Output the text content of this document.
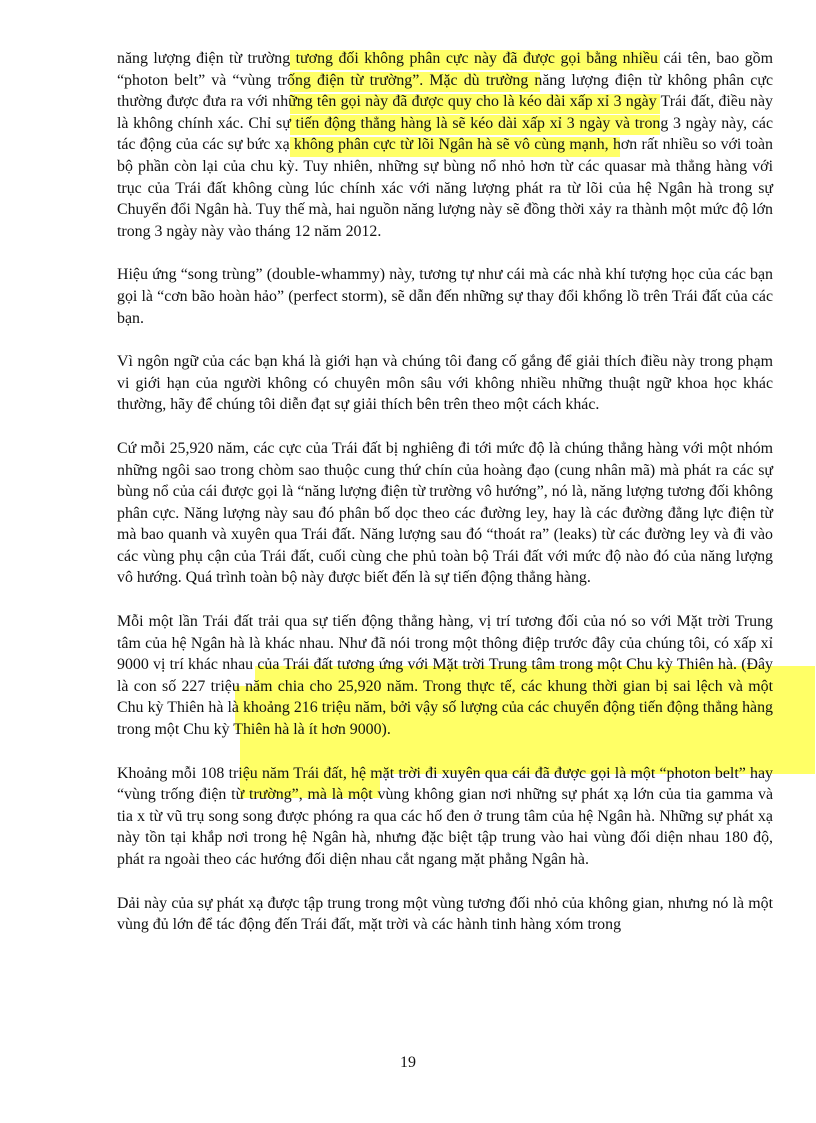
năng lượng điện từ trường tương đối không phân cực này đã được gọi bằng nhiều cái tên, bao gồm “photon belt” và “vùng trống điện từ trường”. Mặc dù trường năng lượng điện từ không phân cực thường được đưa ra với những tên gọi này đã được quy cho là kéo dài xấp xỉ 3 ngày Trái đất, điều này là không chính xác. Chỉ sự tiến động thẳng hàng là sẽ kéo dài xấp xỉ 3 ngày và trong 3 ngày này, các tác động của các sự bức xạ không phân cực từ lõi Ngân hà sẽ vô cùng mạnh, hơn rất nhiều so với toàn bộ phần còn lại của chu kỳ. Tuy nhiên, những sự bùng nổ nhỏ hơn từ các quasar mà thẳng hàng với trục của Trái đất không cùng lúc chính xác với năng lượng phát ra từ lõi của hệ Ngân hà trong sự Chuyển đổi Ngân hà. Tuy thế mà, hai nguồn năng lượng này sẽ đồng thời xảy ra thành một mức độ lớn trong 3 ngày này vào tháng 12 năm 2012.

Hiệu ứng “song trùng” (double-whammy) này, tương tự như cái mà các nhà khí tượng học của các bạn gọi là “cơn bão hoàn hảo” (perfect storm), sẽ dẫn đến những sự thay đổi khổng lồ trên Trái đất của các bạn.

Vì ngôn ngữ của các bạn khá là giới hạn và chúng tôi đang cố gắng để giải thích điều này trong phạm vi giới hạn của người không có chuyên môn sâu với không nhiều những thuật ngữ khoa học khác thường, hãy để chúng tôi diễn đạt sự giải thích bên trên theo một cách khác.

Cứ mỗi 25,920 năm, các cực của Trái đất bị nghiêng đi tới mức độ là chúng thẳng hàng với một nhóm những ngôi sao trong chòm sao thuộc cung thứ chín của hoàng đạo (cung nhân mã) mà phát ra các sự bùng nổ của cái được gọi là “năng lượng điện từ trường vô hướng”, nó là, năng lượng tương đối không phân cực. Năng lượng này sau đó phân bố dọc theo các đường ley, hay là các đường đẳng lực điện từ mà bao quanh và xuyên qua Trái đất. Năng lượng sau đó “thoát ra” (leaks) từ các đường ley và đi vào các vùng phụ cận của Trái đất, cuối cùng che phủ toàn bộ Trái đất với mức độ nào đó của năng lượng vô hướng. Quá trình toàn bộ này được biết đến là sự tiến động thẳng hàng.

Mỗi một lần Trái đất trải qua sự tiến động thẳng hàng, vị trí tương đối của nó so với Mặt trời Trung tâm của hệ Ngân hà là khác nhau. Như đã nói trong một thông điệp trước đây của chúng tôi, có xấp xỉ 9000 vị trí khác nhau của Trái đất tương ứng với Mặt trời Trung tâm trong một Chu kỳ Thiên hà. (Đây là con số 227 triệu năm chia cho 25,920 năm. Trong thực tế, các khung thời gian bị sai lệch và một Chu kỳ Thiên hà là khoảng 216 triệu năm, bởi vậy số lượng của các chuyển động tiến động thẳng hàng trong một Chu kỳ Thiên hà là ít hơn 9000).

Khoảng mỗi 108 triệu năm Trái đất, hệ mặt trời đi xuyên qua cái đã được gọi là một “photon belt” hay “vùng trống điện từ trường”, mà là một vùng không gian nơi những sự phát xạ lớn của tia gamma và tia x từ vũ trụ song song được phóng ra qua các hố đen ở trung tâm của hệ Ngân hà. Những sự phát xạ này tồn tại khắp nơi trong hệ Ngân hà, nhưng đặc biệt tập trung vào hai vùng đối diện nhau 180 độ, phát ra ngoài theo các hướng đối diện nhau cắt ngang mặt phẳng Ngân hà.

Dải này của sự phát xạ được tập trung trong một vùng tương đối nhỏ của không gian, nhưng nó là một vùng đủ lớn để tác động đến Trái đất, mặt trời và các hành tinh hàng xóm trong

19
